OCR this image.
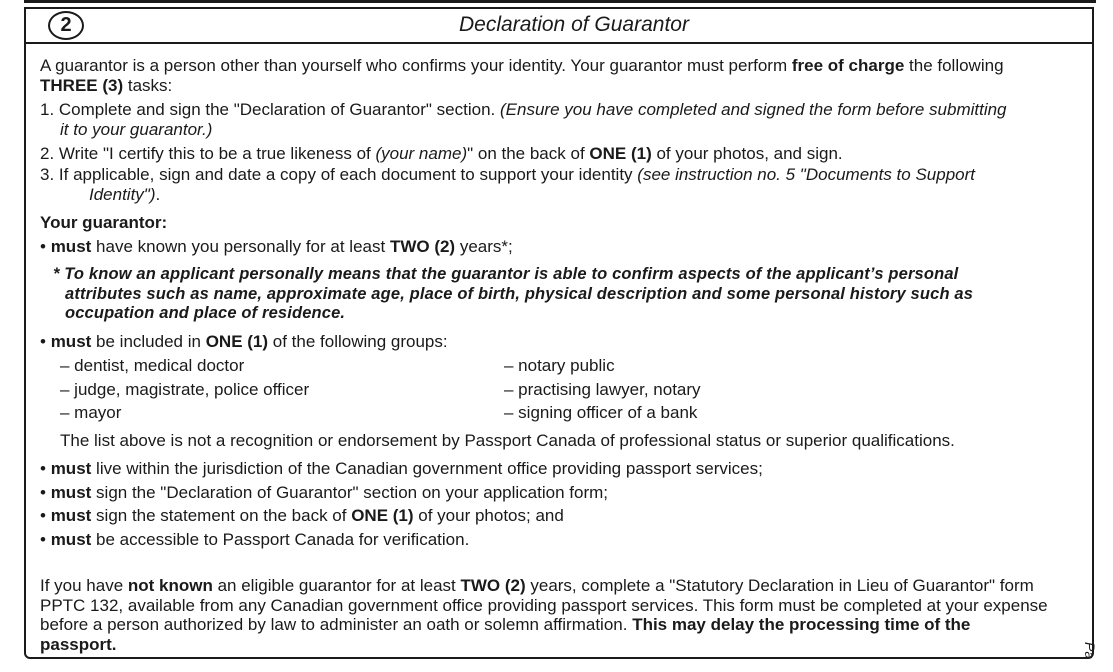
2	Declaration of Guarantor

A guarantor is a person other than yourself who confirms your identity. Your guarantor must perform free of charge the following

THREE (3) tasks:

1. Complete and sign the "Declaration of Guarantor" section. (Ensure you have completed and signed the form before submitting

it to your guarantor.)

2. Write "I certify this to be a true likeness of (your name)" on the back of ONE (1) of your photos, and sign.

3. If applicable, sign and date a copy of each document to support your identity (see instruction no. 5 "Documents to Support

Identity").

Your guarantor:

• must have known you personally for at least TWO (2) years*;

* To know an applicant personally means that the guarantor is able to confirm aspects of the applicant’s personal

attributes such as name, approximate age, place of birth, physical description and some personal history such as

occupation and place of residence.

• must be included in ONE (1) of the following groups:

– dentist, medical doctor

– judge, magistrate, police officer

– mayor

– notary public

– practising lawyer, notary

– signing officer of a bank

The list above is not a recognition or endorsement by Passport Canada of professional status or superior qualifications.

• must live within the jurisdiction of the Canadian government office providing passport services;

• must sign the "Declaration of Guarantor" section on your application form;

• must sign the statement on the back of ONE (1) of your photos; and

• must be accessible to Passport Canada for verification.

If you have not known an eligible guarantor for at least TWO (2) years, complete a "Statutory Declaration in Lieu of Guarantor" form

PPTC 132, available from any Canadian government office providing passport services. This form must be completed at your expense

before a person authorized by law to administer an oath or solemn affirmation. This may delay the processing time of the

passport.	Pa
